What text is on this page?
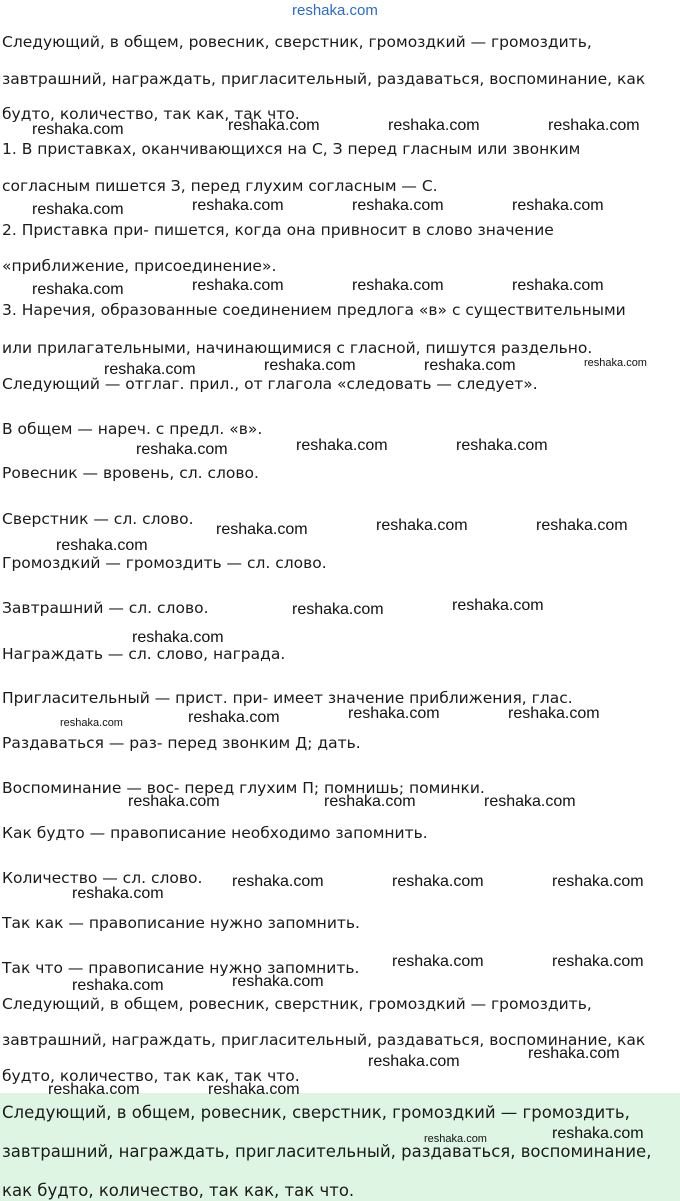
reshaka.com
Следующий, в общем, ровесник, сверстник, громоздкий — громоздить,
завтрашний, награждать, пригласительный, раздаваться, воспоминание, как
будто, количество, так как, так что.
1. В приставках, оканчивающихся на С, З перед гласным или звонким
согласным пишется З, перед глухим согласным — С.
2. Приставка при- пишется, когда она привносит в слово значение
«приближение, присоединение».
3. Наречия, образованные соединением предлога «в» с существительными
или прилагательными, начинающимися с гласной, пишутся раздельно.
Следующий — отглаг. прил., от глагола «следовать — следует».
В общем — нареч. с предл. «в».
Ровесник — вровень, сл. слово.
Сверстник — сл. слово.
Громоздкий — громоздить — сл. слово.
Завтрашний — сл. слово.
Награждать — сл. слово, награда.
Пригласительный — прист. при- имеет значение приближения, глас.
Раздаваться — раз- перед звонким Д; дать.
Воспоминание — вос- перед глухим П; помнишь; поминки.
Как будто — правописание необходимо запомнить.
Количество — сл. слово.
Так как — правописание нужно запомнить.
Так что — правописание нужно запомнить.
Следующий, в общем, ровесник, сверстник, громоздкий — громоздить,
завтрашний, награждать, пригласительный, раздаваться, воспоминание, как
будто, количество, так как, так что.
Следующий, в общем, ровесник, сверстник, громоздкий — громоздить,
завтрашний, награждать, пригласительный, раздаваться, воспоминание,
как будто, количество, так как, так что.
reshaka.com	reshaka.com	reshaka.com	reshaka.com
reshaka.com	reshaka.com	reshaka.com	reshaka.com
reshaka.com	reshaka.com	reshaka.com	reshaka.com
reshaka.com	reshaka.com	reshaka.com	reshaka.com
reshaka.com	reshaka.com	reshaka.com
reshaka.com	reshaka.com	reshaka.com
reshaka.com
reshaka.com	reshaka.com
reshaka.com
reshaka.com	reshaka.com	reshaka.com	reshaka.com
reshaka.com	reshaka.com	reshaka.com
reshaka.com	reshaka.com	reshaka.com
reshaka.com
reshaka.com	reshaka.com
reshaka.com	reshaka.com
reshaka.com	reshaka.com
reshaka.com	reshaka.com
reshaka.com	reshaka.com
